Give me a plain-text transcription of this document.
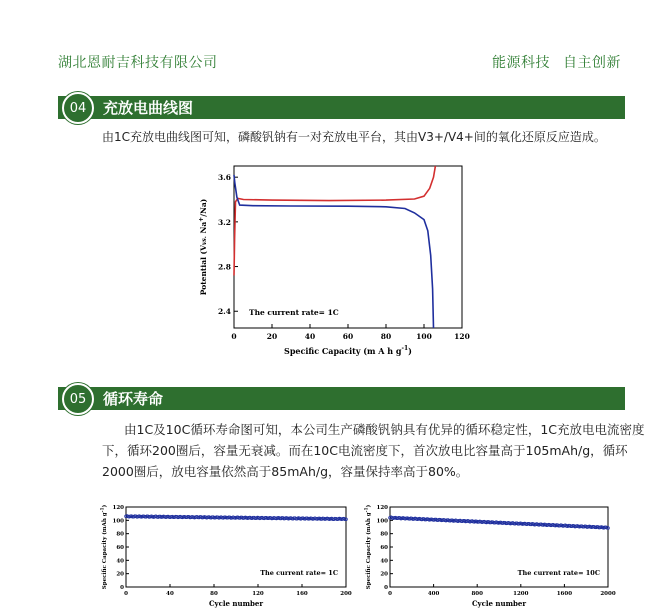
湖北恩耐吉科技有限公司	能源科技 自主创新
04	充放电曲线图
由1C充放电曲线图可知，磷酸钒钠有一对充放电平台，其由V3+/V4+间的氧化还原反应造成。
0	20	40	60	80	100	120
2.4
2.8
3.2
3.6
Specific Capacity (m A h $g^{-1}$)
Potential (Vvs. Na+/Na)
The current rate= 1C
05	循环寿命
由1C及10C循环寿命图可知，本公司生产磷酸钒钠具有优异的循环稳定性，1C充放电电流密度
下，循环200圈后，容量无衰减。而在10C电流密度下，首次放电比容量高于105mAh/g，循环
2000圈后，放电容量依然高于85mAh/g，容量保持率高于80%。
0	40	80	120	160	200
0
20
40
60
80
100
120
Cycle number
Specific Capacity (mAh $g^{-1}$)
The current rate= 1C
0	400	800	1200	1600	2000
0
20
40
60
80
100
120
Cycle number
Specific Capacity (mAh $g^{-1}$)
The current rate= 10C
